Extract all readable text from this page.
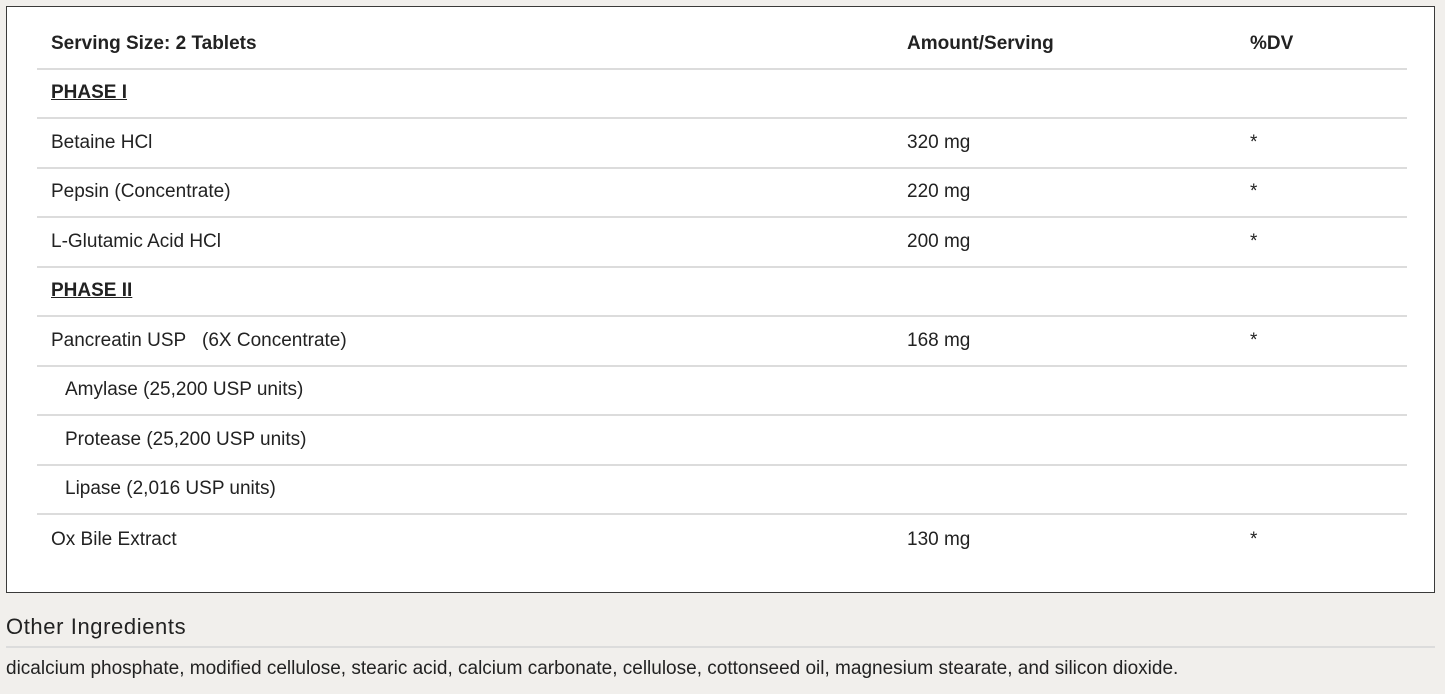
Serving Size: 2 Tablets	Amount/Serving	%DV
PHASE I
Betaine HCl	320 mg	*
Pepsin (Concentrate)	220 mg	*
L-Glutamic Acid HCl	200 mg	*
PHASE II
Pancreatin USP   (6X Concentrate)	168 mg	*
Amylase (25,200 USP units)
Protease (25,200 USP units)
Lipase (2,016 USP units)
Ox Bile Extract	130 mg	*
Other Ingredients
dicalcium phosphate, modified cellulose, stearic acid, calcium carbonate, cellulose, cottonseed oil, magnesium stearate, and silicon dioxide.
